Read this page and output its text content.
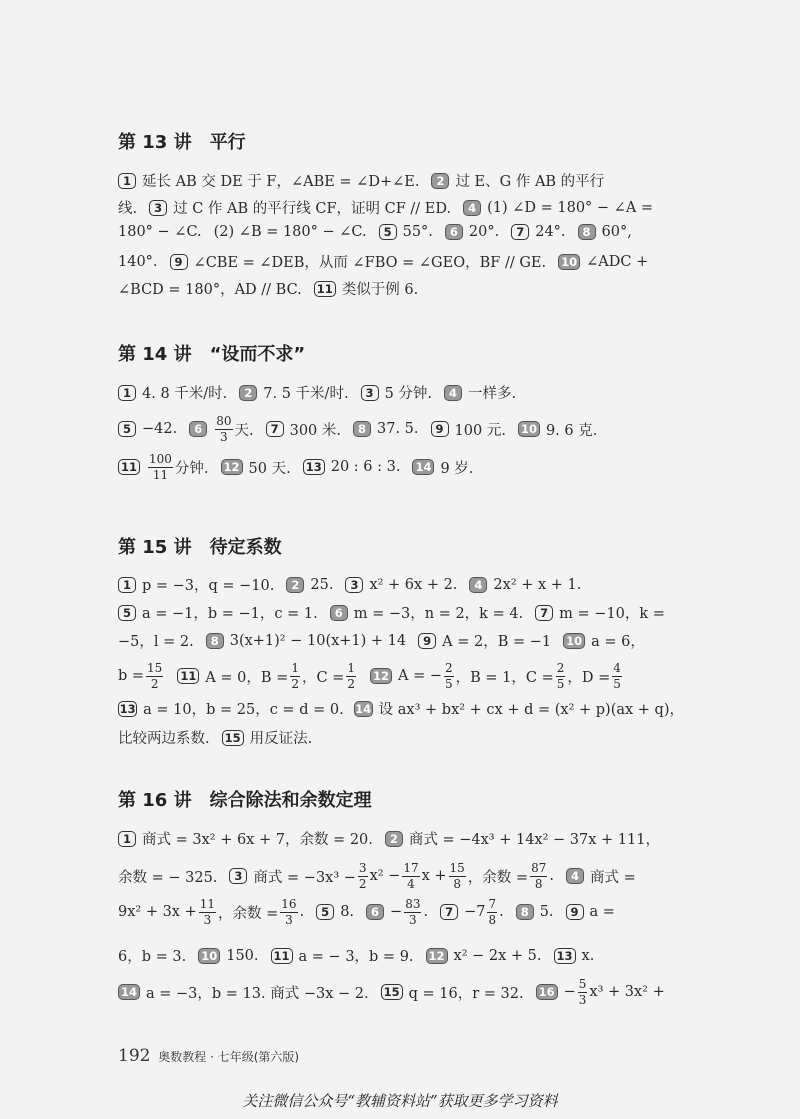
第 13 讲 平行
1 延长 AB 交 DE 于 F，∠ABE = ∠D+∠E.	2 过 E、G 作 AB 的平行
线.	3 过 C 作 AB 的平行线 CF，证明 CF // ED.	4 (1) ∠D = 180° − ∠A =
180° − ∠C. (2) ∠B = 180° − ∠C.	5 55°.	6 20°.	7 24°.	8 60°,
140°.	9 ∠CBE = ∠DEB，从而 ∠FBO = ∠GEO，BF // GE. 10 ∠ADC +
∠BCD = 180°，AD // BC. 11 类似于例 6.
第 14 讲 “设而不求”
1 4. 8 千米/时.	2 7. 5 千米/时.	3 5 分钟.	4 一样多.
5 −42.	6	$\frac{80}{3}$ 天.	7 300 米.	8 37. 5.	9 100 元. 10 9. 6 克.
$11 \frac{100}{11}$ 分钟. 12 50 天. 13 20 : 6 : 3. 14 9 岁.
第 15 讲 待定系数
1 p = −3，q = −10.	2 25.	3 x² + 6x + 2.	4 2x² + x + 1.
5 a = −1，b = −1，c = 1.	6 m = −3，n = 2，k = 4.	7 m = −10，k =
−5，l = 2.	8 3(x+1)² − 10(x+1) + 14	9 A = 2，B = −1 10 a = 6，
$b = \frac{15}{2} 11$ A = 0，$B = \frac{1}{2}$ ，$C = \frac{1}{2} 12$ A = − $\frac{2}{5}$ ，B = 1，$C = \frac{2}{5}$ ，$D = \frac{4}{5}$
13 a = 10，b = 25，c = d = 0. 14 设 ax³ + bx² + cx + d = (x² + p)(ax + q)，
比较两边系数. 15 用反证法.
第 16 讲 综合除法和余数定理
1 商式 = 3x² + 6x + 7，余数 = 20.	2 商式 = −4x³ + 14x² − 37x + 111，
余数 = − 325.	3 商式 = $-3x^3 - \frac{3}{2} x^2 - \frac{17}{4}$ $x + \frac{15}{8}$ ，余数 = $\frac{87}{8}$ .	4 商式 =
$9x^2 + 3x + \frac{11}{3}$ ，余数 = $\frac{16}{3}$ .	5 8.	$6 - \frac{83}{3}$ .	$7 -7 \frac{7}{8}$ .	8 5.	9 a =
6，b = 3. 10 150. 11 a = − 3，b = 9. 12 x² − 2x + 5. 13 x.
14 a = −3，b = 13. 商式 −3x − 2. 15 q = 16，r = 32. $16 - \frac{5}{3} x^3 + 3x^2$ +
192 奥数教程 · 七年级(第六版)
关注微信公众号“教辅资料站”获取更多学习资料
